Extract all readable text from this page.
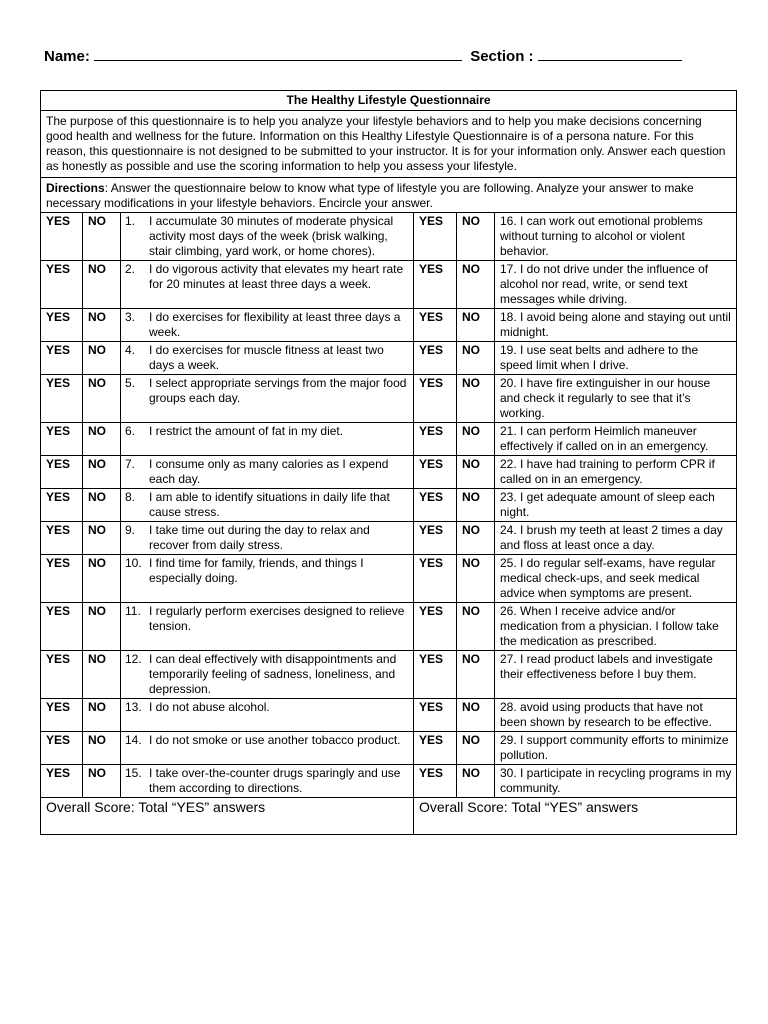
Name:	Section :
The Healthy Lifestyle Questionnaire					
The purpose of this questionnaire is to help you analyze your lifestyle behaviors and to help you make decisions concerning good health and wellness for the future. Information on this Healthy Lifestyle Questionnaire is of a persona nature. For this reason, this questionnaire is not designed to be submitted to your instructor. It is for your information only. Answer each question as honestly as possible and use the scoring information to help you assess your lifestyle.					
Directions: Answer the questionnaire below to know what type of lifestyle you are following. Analyze your answer to make necessary modifications in your lifestyle behaviors. Encircle your answer.					
YES	NO	1. I accumulate 30 minutes of moderate physical activity most days of the week (brisk walking, stair climbing, yard work, or home chores).	YES	NO	16. I can work out emotional problems without turning to alcohol or violent behavior.
YES	NO	2. I do vigorous activity that elevates my heart rate for 20 minutes at least three days a week.	YES	NO	17. I do not drive under the influence of alcohol nor read, write, or send text messages while driving.
YES	NO	3. I do exercises for flexibility at least three days a week.	YES	NO	18. I avoid being alone and staying out until midnight.
YES	NO	4. I do exercises for muscle fitness at least two days a week.	YES	NO	19. I use seat belts and adhere to the speed limit when I drive.
YES	NO	5. I select appropriate servings from the major food groups each day.	YES	NO	20. I have fire extinguisher in our house and check it regularly to see that it’s working.
YES	NO	6. I restrict the amount of fat in my diet.	YES	NO	21. I can perform Heimlich maneuver effectively if called on in an emergency.
YES	NO	7. I consume only as many calories as I expend each day.	YES	NO	22. I have had training to perform CPR if called on in an emergency.
YES	NO	8. I am able to identify situations in daily life that cause stress.	YES	NO	23. I get adequate amount of sleep each night.
YES	NO	9. I take time out during the day to relax and recover from daily stress.	YES	NO	24. I brush my teeth at least 2 times a day and floss at least once a day.
YES	NO	10. I find time for family, friends, and things I especially doing.	YES	NO	25. I do regular self-exams, have regular medical check-ups, and seek medical advice when symptoms are present.
YES	NO	11. I regularly perform exercises designed to relieve tension.	YES	NO	26. When I receive advice and/or medication from a physician. I follow take the medication as prescribed.
YES	NO	12. I can deal effectively with disappointments and temporarily feeling of sadness, loneliness, and depression.	YES	NO	27. I read product labels and investigate their effectiveness before I buy them.
YES	NO	13. I do not abuse alcohol.	YES	NO	28. avoid using products that have not been shown by research to be effective.
YES	NO	14. I do not smoke or use another tobacco product.	YES	NO	29. I support community efforts to minimize pollution.
YES	NO	15. I take over-the-counter drugs sparingly and use them according to directions.	YES	NO	30. I participate in recycling programs in my community.
Overall Score: Total “YES” answers			Overall Score: Total “YES” answers		
